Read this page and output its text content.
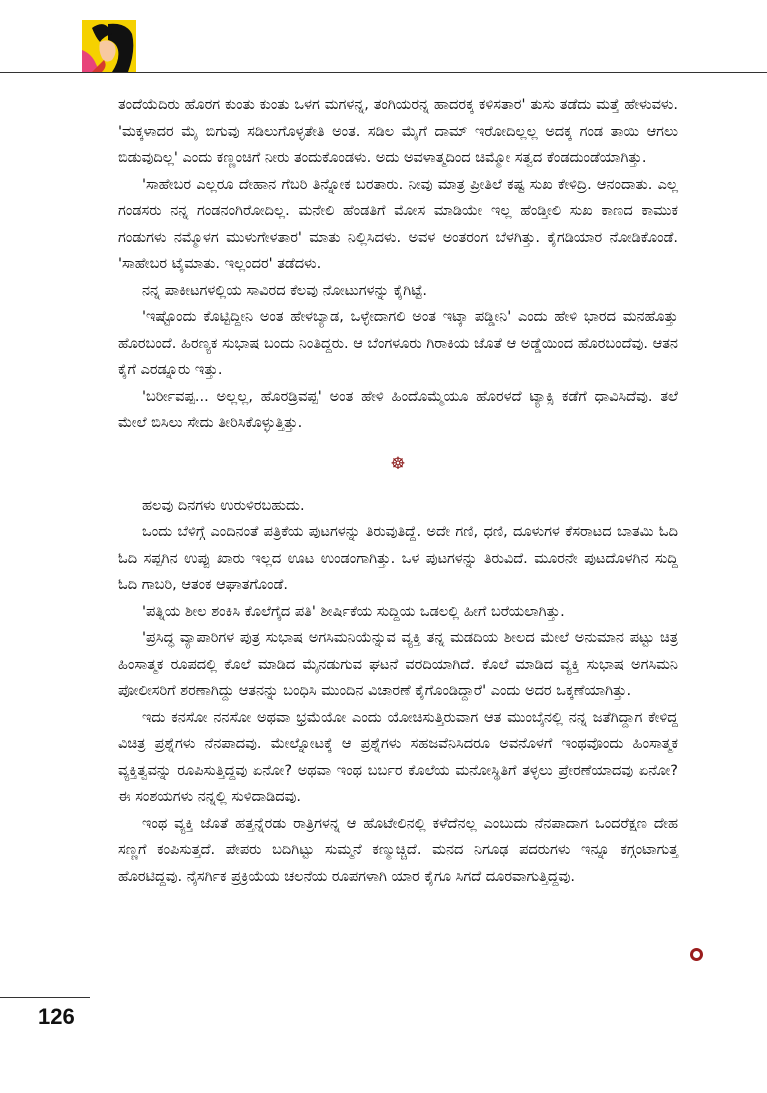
ತಂದೆಯೆದಿರು ಹೊರಗ ಕುಂತು ಕುಂತು ಒಳಗ ಮಗಳನ್ನ, ತಂಗಿಯರನ್ನ ಹಾದರಕ್ಕ ಕಳಿಸತಾರ' ತುಸು ತಡೆದು ಮತ್ತೆ ಹೇಳುವಳು. 'ಮಕ್ಕಳಾದರ ಮೈ ಬಿಗುವು ಸಡಿಲುಗೊಳ್ಳತೇತಿ ಅಂತ. ಸಡಿಲ ಮೈಗೆ ದಾಮ್ ಇರೋದಿಲ್ಲಲ್ಲ ಅದಕ್ಕ ಗಂಡ ತಾಯಿ ಆಗಲು ಬಿಡುವುದಿಲ್ಲ' ಎಂದು ಕಣ್ಣಂಚಿಗೆ ನೀರು ತಂದುಕೊಂಡಳು. ಅದು ಅವಳಾತ್ಮದಿಂದ ಚಿಮ್ಮೋ ಸತ್ವದ ಕೆಂಡದುಂಡೆಯಾಗಿತ್ತು.

'ಸಾಹೇಬರ ಎಲ್ಲರೂ ದೇಹಾನ ಗೆಬರಿ ತಿನ್ನೋಕ ಬರತಾರು. ನೀವು ಮಾತ್ರ ಪ್ರೀತಿಲೆ ಕಷ್ಟ ಸುಖ ಕೇಳಿದ್ರಿ. ಆನಂದಾತು. ಎಲ್ಲ ಗಂಡಸರು ನನ್ನ ಗಂಡನಂಗಿರೋದಿಲ್ಲ. ಮನೇಲಿ ಹೆಂಡತಿಗೆ ಮೋಸ ಮಾಡಿಯೇ ಇಲ್ಲ ಹೆಂಡ್ತೀಲಿ ಸುಖ ಕಾಣದ ಕಾಮುಕ ಗಂಡುಗಳು ನಮ್ಮೊಳಗ ಮುಳುಗೇಳತಾರ' ಮಾತು ನಿಲ್ಲಿಸಿದಳು. ಅವಳ ಅಂತರಂಗ ಬೆಳಗಿತ್ತು. ಕೈಗಡಿಯಾರ ನೋಡಿಕೊಂಡೆ. 'ಸಾಹೇಬರ ಟೈಮಾತು. ಇಲ್ಲಂದರ' ತಡೆದಳು.

ನನ್ನ ಪಾಕೀಟಗಳಲ್ಲಿಯ ಸಾವಿರದ ಕೆಲವು ನೋಟುಗಳನ್ನು ಕೈಗಿಟ್ಟೆ.

'ಇಷ್ಟೊಂದು ಕೊಟ್ಟಿದ್ದೀನಿ ಅಂತ ಹೇಳಬ್ಯಾಡ, ಒಳ್ಳೇದಾಗಲಿ ಅಂತ ಇಟ್ಕಾ ಪಡ್ಡೀನಿ' ಎಂದು ಹೇಳಿ ಭಾರದ ಮನಹೊತ್ತು ಹೊರಬಂದೆ. ಹಿರಣ್ಯಕ ಸುಭಾಷ ಬಂದು ನಿಂತಿದ್ದರು. ಆ ಬೆಂಗಳೂರು ಗಿರಾಕಿಯ ಜೊತೆ ಆ ಅಡ್ಡೆಯಿಂದ ಹೊರಬಂದೆವು. ಆತನ ಕೈಗೆ ಎರಡ್ನೂರು ಇತ್ತು.

'ಬರ್ರೀವಪ್ಪ... ಅಲ್ಲಲ್ಲ, ಹೊರಡ್ರಿವಪ್ಪ' ಅಂತ ಹೇಳಿ ಹಿಂದೊಮ್ಮೆಯೂ ಹೊರಳದೆ ಟ್ಯಾಕ್ಸಿ ಕಡೆಗೆ ಧಾವಿಸಿದೆವು. ತಲೆ ಮೇಲೆ ಬಿಸಿಲು ಸೇದು ತೀರಿಸಿಕೊಳ್ಳುತ್ತಿತ್ತು.

☸

ಹಲವು ದಿನಗಳು ಉರುಳಿರಬಹುದು.

ಒಂದು ಬೆಳಿಗ್ಗೆ ಎಂದಿನಂತೆ ಪತ್ರಿಕೆಯ ಪುಟಗಳನ್ನು ತಿರುವುತಿದ್ದೆ. ಅದೇ ಗಣಿ, ಧಣಿ, ದೂಳುಗಳ ಕೆಸರಾಟದ ಬಾತಮಿ ಓದಿ ಓದಿ ಸಪ್ಪಗಿನ ಉಪ್ಪು ಖಾರು ಇಲ್ಲದ ಊಟ ಉಂಡಂಗಾಗಿತ್ತು. ಒಳ ಪುಟಗಳನ್ನು ತಿರುವಿದೆ. ಮೂರನೇ ಪುಟದೊಳಗಿನ ಸುದ್ದಿ ಓದಿ ಗಾಬರಿ, ಆತಂಕ ಆಘಾತಗೊಂಡೆ.

'ಪತ್ನಿಯ ಶೀಲ ಶಂಕಿಸಿ ಕೊಲೆಗೈದ ಪತಿ' ಶೀರ್ಷಿಕೆಯ ಸುದ್ದಿಯ ಒಡಲಲ್ಲಿ ಹೀಗೆ ಬರೆಯಲಾಗಿತ್ತು.

'ಪ್ರಸಿದ್ಧ ವ್ಯಾಪಾರಿಗಳ ಪುತ್ರ ಸುಭಾಷ ಅಗಸಿಮನಿಯೆನ್ನುವ ವ್ಯಕ್ತಿ ತನ್ನ ಮಡದಿಯ ಶೀಲದ ಮೇಲೆ ಅನುಮಾನ ಪಟ್ಟು ಚಿತ್ರ ಹಿಂಸಾತ್ಮಕ ರೂಪದಲ್ಲಿ ಕೊಲೆ ಮಾಡಿದ ಮೈನಡುಗುವ ಘಟನೆ ವರದಿಯಾಗಿದೆ. ಕೊಲೆ ಮಾಡಿದ ವ್ಯಕ್ತಿ ಸುಭಾಷ ಅಗಸಿಮನಿ ಪೋಲೀಸರಿಗೆ ಶರಣಾಗಿದ್ದು ಆತನನ್ನು ಬಂಧಿಸಿ ಮುಂದಿನ ವಿಚಾರಣೆ ಕೈಗೊಂಡಿದ್ದಾರೆ' ಎಂದು ಅದರ ಒಕ್ಕಣೆಯಾಗಿತ್ತು.

ಇದು ಕನಸೋ ನನಸೋ ಅಥವಾ ಭ್ರಮೆಯೋ ಎಂದು ಯೋಚಿಸುತ್ತಿರುವಾಗ ಆತ ಮುಂಬೈನಲ್ಲಿ ನನ್ನ ಜತೆಗಿದ್ದಾಗ ಕೇಳಿದ್ದ ವಿಚಿತ್ರ ಪ್ರಶ್ನೆಗಳು ನೆನಪಾದವು. ಮೇಲ್ನೋಟಕ್ಕೆ ಆ ಪ್ರಶ್ನೆಗಳು ಸಹಜವೆನಿಸಿದರೂ ಅವನೊಳಗೆ ಇಂಥವೊಂದು ಹಿಂಸಾತ್ಮಕ ವ್ಯಕ್ತಿತ್ವವನ್ನು ರೂಪಿಸುತ್ತಿದ್ದವು ಏನೋ? ಅಥವಾ ಇಂಥ ಬರ್ಬರ ಕೊಲೆಯ ಮನೋಸ್ಥಿತಿಗೆ ತಳ್ಳಲು ಪ್ರೇರಣೆಯಾದವು ಏನೋ? ಈ ಸಂಶಯಗಳು ನನ್ನಲ್ಲಿ ಸುಳಿದಾಡಿದವು.

ಇಂಥ ವ್ಯಕ್ತಿ ಜೊತೆ ಹತ್ತನ್ನೆರಡು ರಾತ್ರಿಗಳನ್ನ ಆ ಹೊಟೇಲಿನಲ್ಲಿ ಕಳೆದೆನಲ್ಲ ಎಂಬುದು ನೆನಪಾದಾಗ ಒಂದರೆಕ್ಷಣ ದೇಹ ಸಣ್ಣಗೆ ಕಂಪಿಸುತ್ತದೆ. ಪೇಪರು ಬದಿಗಿಟ್ಟು ಸುಮ್ಮನೆ ಕಣ್ಮುಚ್ಚಿದೆ. ಮನದ ನಿಗೂಢ ಪದರುಗಳು ಇನ್ನೂ ಕಗ್ಗಂಟಾಗುತ್ತ ಹೊರಟಿದ್ದವು. ನೈಸರ್ಗಿಕ ಪ್ರಕ್ರಿಯೆಯ ಚಲನೆಯ ರೂಪಗಳಾಗಿ ಯಾರ ಕೈಗೂ ಸಿಗದೆ ದೂರವಾಗುತ್ತಿದ್ದವು.

126
